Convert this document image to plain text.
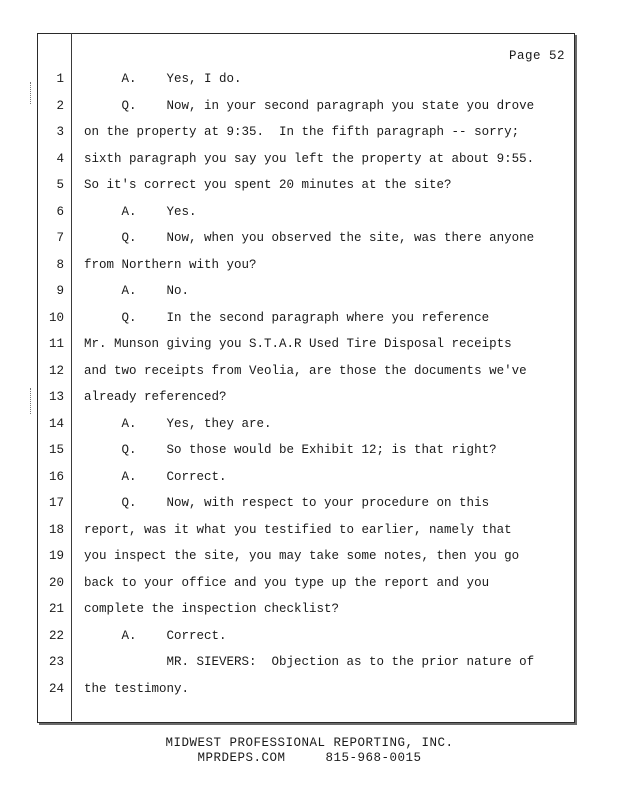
Page 52
1 A.    Yes, I do.
2 Q.    Now, in your second paragraph you state you drove
3 on the property at 9:35.  In the fifth paragraph -- sorry;
4 sixth paragraph you say you left the property at about 9:55.
5 So it's correct you spent 20 minutes at the site?
6 A.    Yes.
7 Q.    Now, when you observed the site, was there anyone
8 from Northern with you?
9 A.    No.
10 Q.    In the second paragraph where you reference
11 Mr. Munson giving you S.T.A.R Used Tire Disposal receipts
12 and two receipts from Veolia, are those the documents we've
13 already referenced?
14 A.    Yes, they are.
15 Q.    So those would be Exhibit 12; is that right?
16 A.    Correct.
17 Q.    Now, with respect to your procedure on this
18 report, was it what you testified to earlier, namely that
19 you inspect the site, you may take some notes, then you go
20 back to your office and you type up the report and you
21 complete the inspection checklist?
22 A.    Correct.
23 MR. SIEVERS:  Objection as to the prior nature of
24 the testimony.
MIDWEST PROFESSIONAL REPORTING, INC.
MPRDEPS.COM	815-968-0015
